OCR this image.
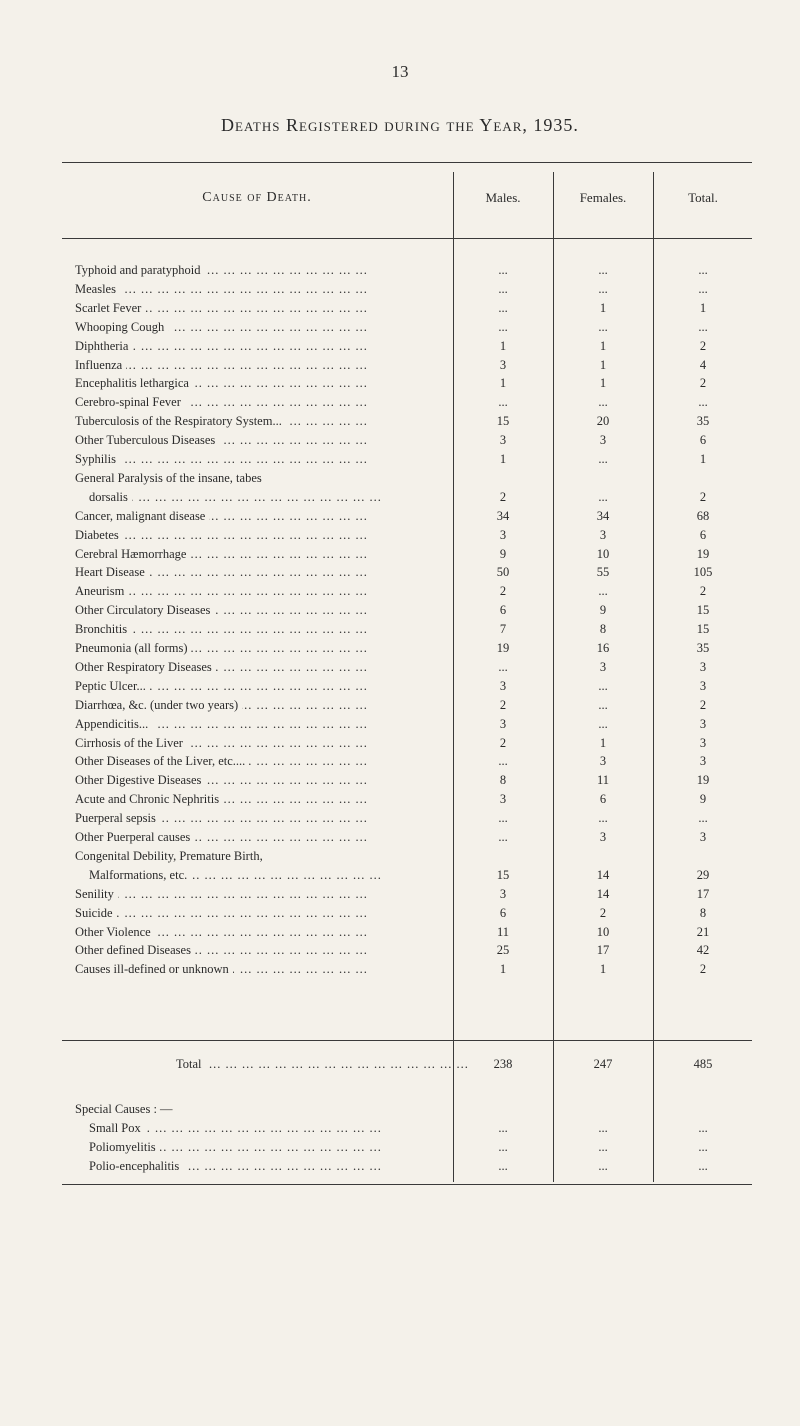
13
Deaths Registered during the Year, 1935.
Cause of Death.	Males.	Females.	Total.
Typhoid and paratyphoid ... .	...	...	...
Measles ... .	...	...	...
Scarlet Fever ... .	...	1	1
Whooping Cough ... .	...	...	...
Diphtheria ... .	1	1	2
Influenza ... .	3	1	4
Encephalitis lethargica ... .	1	1	2
Cerebro-spinal Fever ... .	...	...	...
Tuberculosis of the Respiratory System... ... .	15	20	35
Other Tuberculous Diseases ... .	3	3	6
Syphilis ... .	1	...	1
General Paralysis of the insane, tabes
dorsalis ... .	2	...	2
Cancer, malignant disease ... .	34	34	68
Diabetes ... .	3	3	6
Cerebral Hæmorrhage ... .	9	10	19
Heart Disease ... .	50	55	105
Aneurism ... .	2	...	2
Other Circulatory Diseases ... .	6	9	15
Bronchitis ... .	7	8	15
Pneumonia (all forms) ... .	19	16	35
Other Respiratory Diseases ... .	...	3	3
Peptic Ulcer... ... .	3	...	3
Diarrhœa, &c. (under two years) ... .	2	...	2
Appendicitis... ... .	3	...	3
Cirrhosis of the Liver ... .	2	1	3
Other Diseases of the Liver, etc.... ... .	...	3	3
Other Digestive Diseases ... .	8	11	19
Acute and Chronic Nephritis ... .	3	6	9
Puerperal sepsis ... .	...	...	...
Other Puerperal causes ... .	...	3	3
Congenital Debility, Premature Birth,
Malformations, etc. ... .	15	14	29
Senility ... .	3	14	17
Suicide ... .	6	2	8
Other Violence ... .	11	10	21
Other defined Diseases ... .	25	17	42
Causes ill-defined or unknown ... .	1	1	2
Total ... .	238	247	485
Special Causes : —
Small Pox ... .	...	...	...
Poliomyelitis ... .	...	...	...
Polio-encephalitis ... .	...	...	...
